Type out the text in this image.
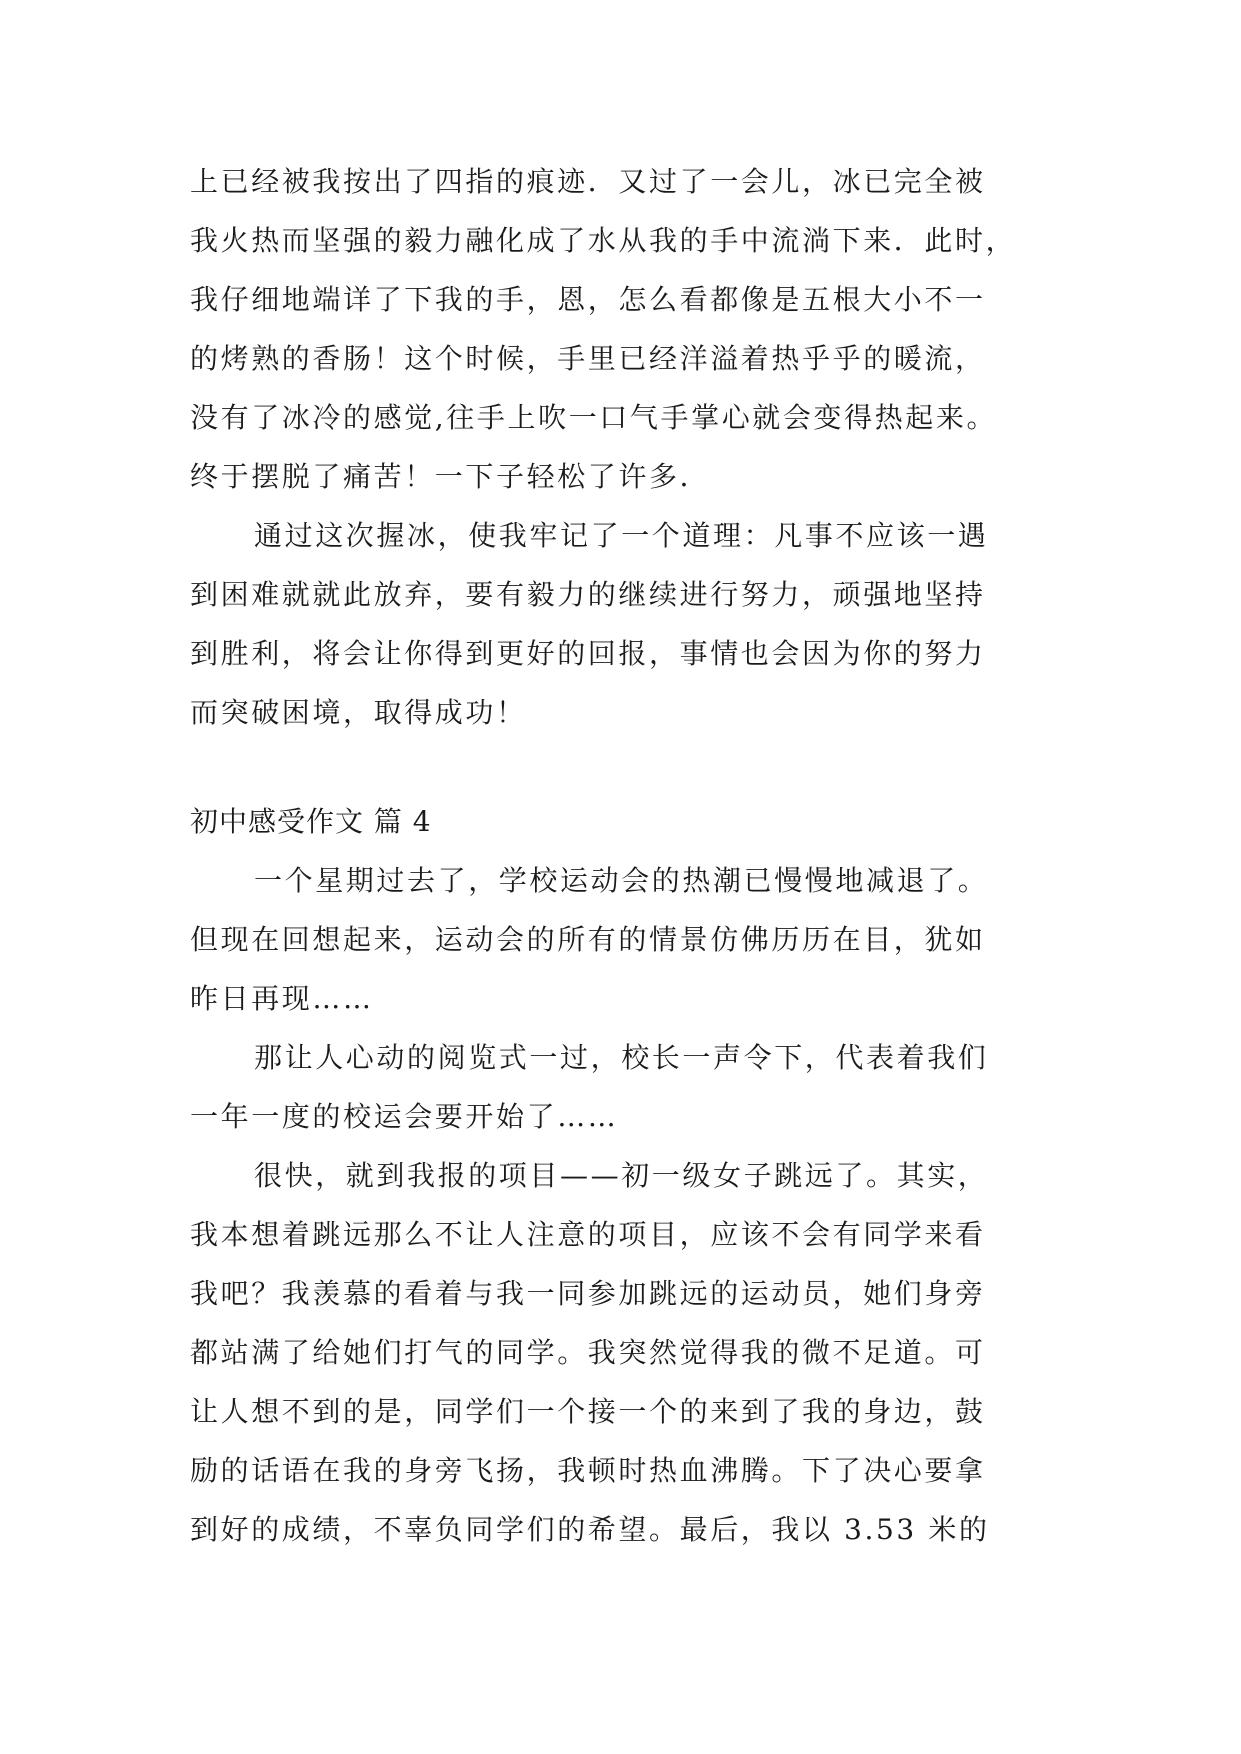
上已经被我按出了四指的痕迹．又过了一会儿，冰已完全被
我火热而坚强的毅力融化成了水从我的手中流淌下来．此时，
我仔细地端详了下我的手，恩，怎么看都像是五根大小不一
的烤熟的香肠！这个时候，手里已经洋溢着热乎乎的暖流，
没有了冰冷的感觉,往手上吹一口气手掌心就会变得热起来。
终于摆脱了痛苦！一下子轻松了许多．
通过这次握冰，使我牢记了一个道理：凡事不应该一遇
到困难就就此放弃，要有毅力的继续进行努力，顽强地坚持
到胜利，将会让你得到更好的回报，事情也会因为你的努力
而突破困境，取得成功！
初中感受作文 篇 4
一个星期过去了，学校运动会的热潮已慢慢地减退了。
但现在回想起来，运动会的所有的情景仿佛历历在目，犹如
昨日再现……
那让人心动的阅览式一过，校长一声令下，代表着我们
一年一度的校运会要开始了……
很快，就到我报的项目——初一级女子跳远了。其实，
我本想着跳远那么不让人注意的项目，应该不会有同学来看
我吧？我羡慕的看着与我一同参加跳远的运动员，她们身旁
都站满了给她们打气的同学。我突然觉得我的微不足道。可
让人想不到的是，同学们一个接一个的来到了我的身边，鼓
励的话语在我的身旁飞扬，我顿时热血沸腾。下了决心要拿
到好的成绩，不辜负同学们的希望。最后，我以 3.53 米的
